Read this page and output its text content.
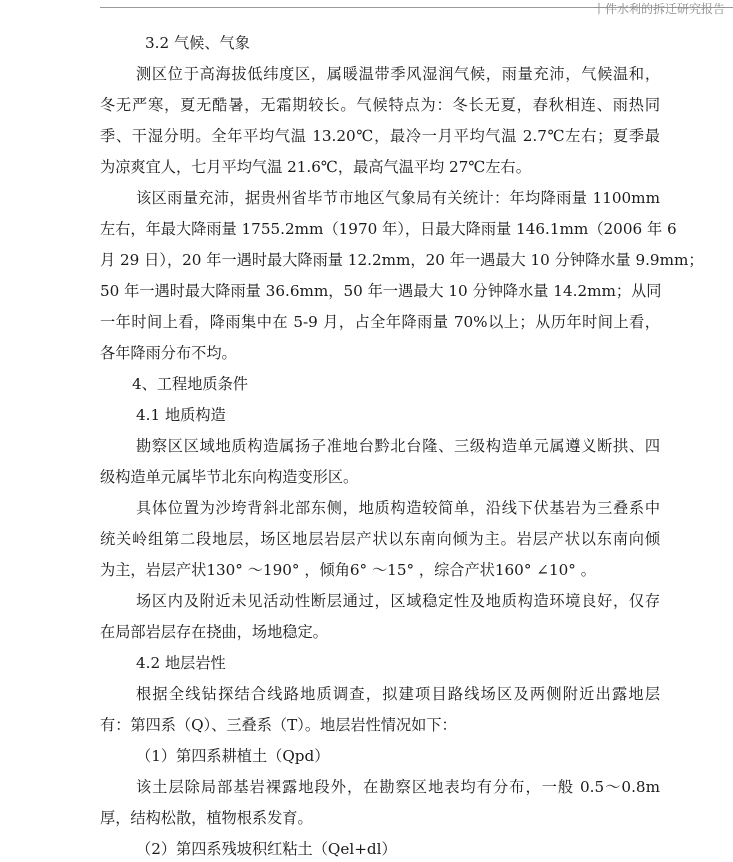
十件水利的拆迁研究报告
3.2 气候、气象
测区位于高海拔低纬度区，属暖温带季风湿润气候，雨量充沛，气候温和，
冬无严寒，夏无酷暑，无霜期较长。气候特点为：冬长无夏，春秋相连、雨热同
季、干湿分明。全年平均气温 13.20℃，最冷一月平均气温 2.7℃左右；夏季最
为凉爽宜人，七月平均气温 21.6℃，最高气温平均 27℃左右。
该区雨量充沛，据贵州省毕节市地区气象局有关统计：年均降雨量 1100mm
左右，年最大降雨量 1755.2mm（1970 年），日最大降雨量 146.1mm（2006 年 6
月 29 日），20 年一遇时最大降雨量 12.2mm，20 年一遇最大 10 分钟降水量 9.9mm；
50 年一遇时最大降雨量 36.6mm，50 年一遇最大 10 分钟降水量 14.2mm；从同
一年时间上看，降雨集中在 5-9 月，占全年降雨量 70%以上；从历年时间上看，
各年降雨分布不均。
4、工程地质条件
4.1 地质构造
勘察区区域地质构造属扬子准地台黔北台隆、三级构造单元属遵义断拱、四
级构造单元属毕节北东向构造变形区。
具体位置为沙垮背斜北部东侧，地质构造较简单，沿线下伏基岩为三叠系中
统关岭组第二段地层，场区地层岩层产状以东南向倾为主。岩层产状以东南向倾
为主，岩层产状130° ～190° ，倾角6° ～15° ，综合产状160° ∠10° 。
场区内及附近未见活动性断层通过，区域稳定性及地质构造环境良好，仅存
在局部岩层存在挠曲，场地稳定。
4.2 地层岩性
根据全线钻探结合线路地质调查，拟建项目路线场区及两侧附近出露地层
有：第四系（Q）、三叠系（T）。地层岩性情况如下：
（1）第四系耕植土（Qpd）
该土层除局部基岩裸露地段外，在勘察区地表均有分布，一般 0.5～0.8m
厚，结构松散，植物根系发育。
（2）第四系残坡积红粘土（Qel+dl）
